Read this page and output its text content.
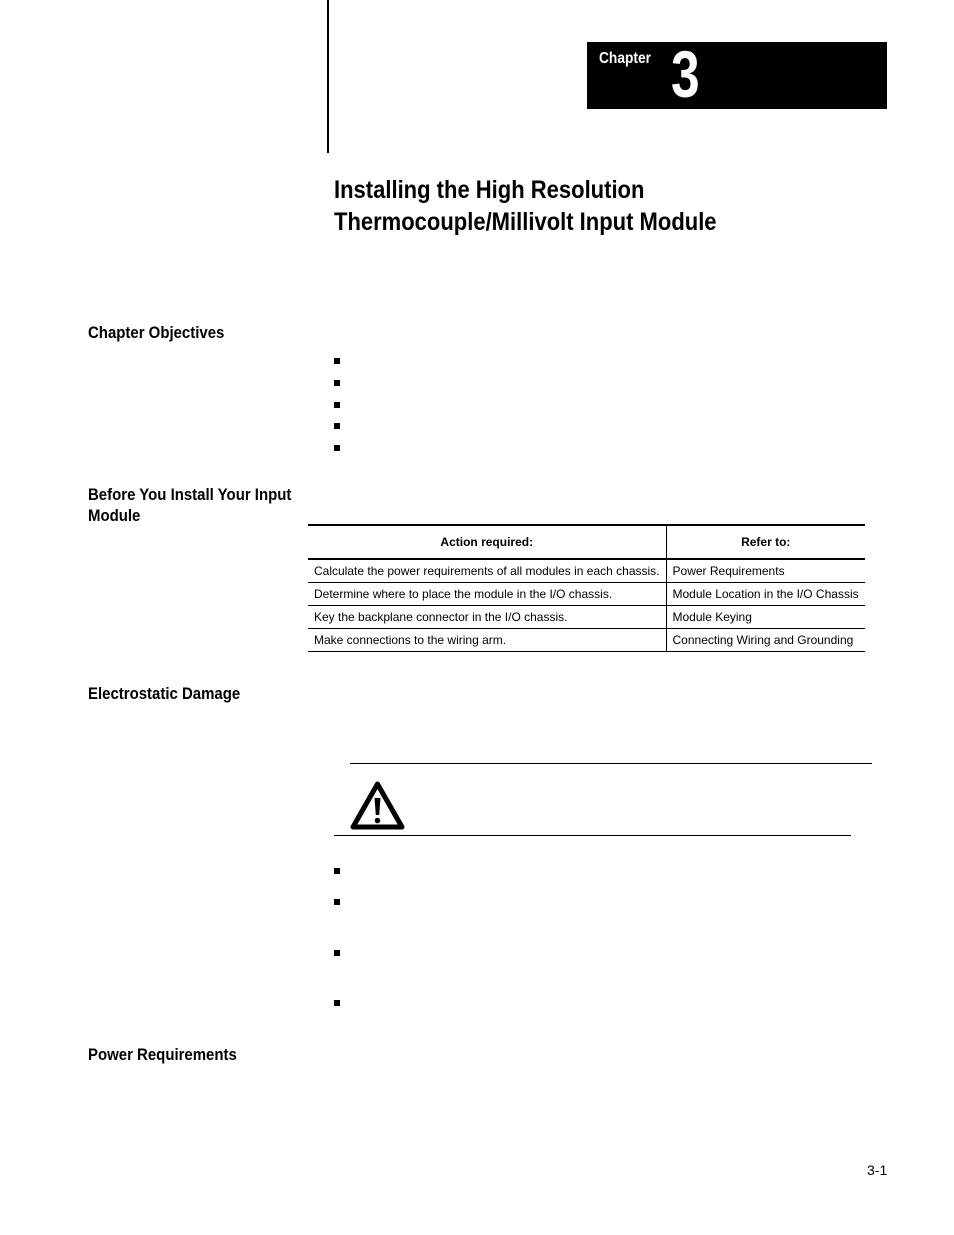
Chapter 3
Installing the High Resolution
Thermocouple/Millivolt Input Module
Chapter Objectives
Before You Install Your Input
Module
Action required:	Refer to:
Calculate the power requirements of all modules in each chassis.	Power Requirements
Determine where to place the module in the I/O chassis.	Module Location in the I/O Chassis
Key the backplane connector in the I/O chassis.	Module Keying
Make connections to the wiring arm.	Connecting Wiring and Grounding
Electrostatic Damage
Power Requirements
3-1
